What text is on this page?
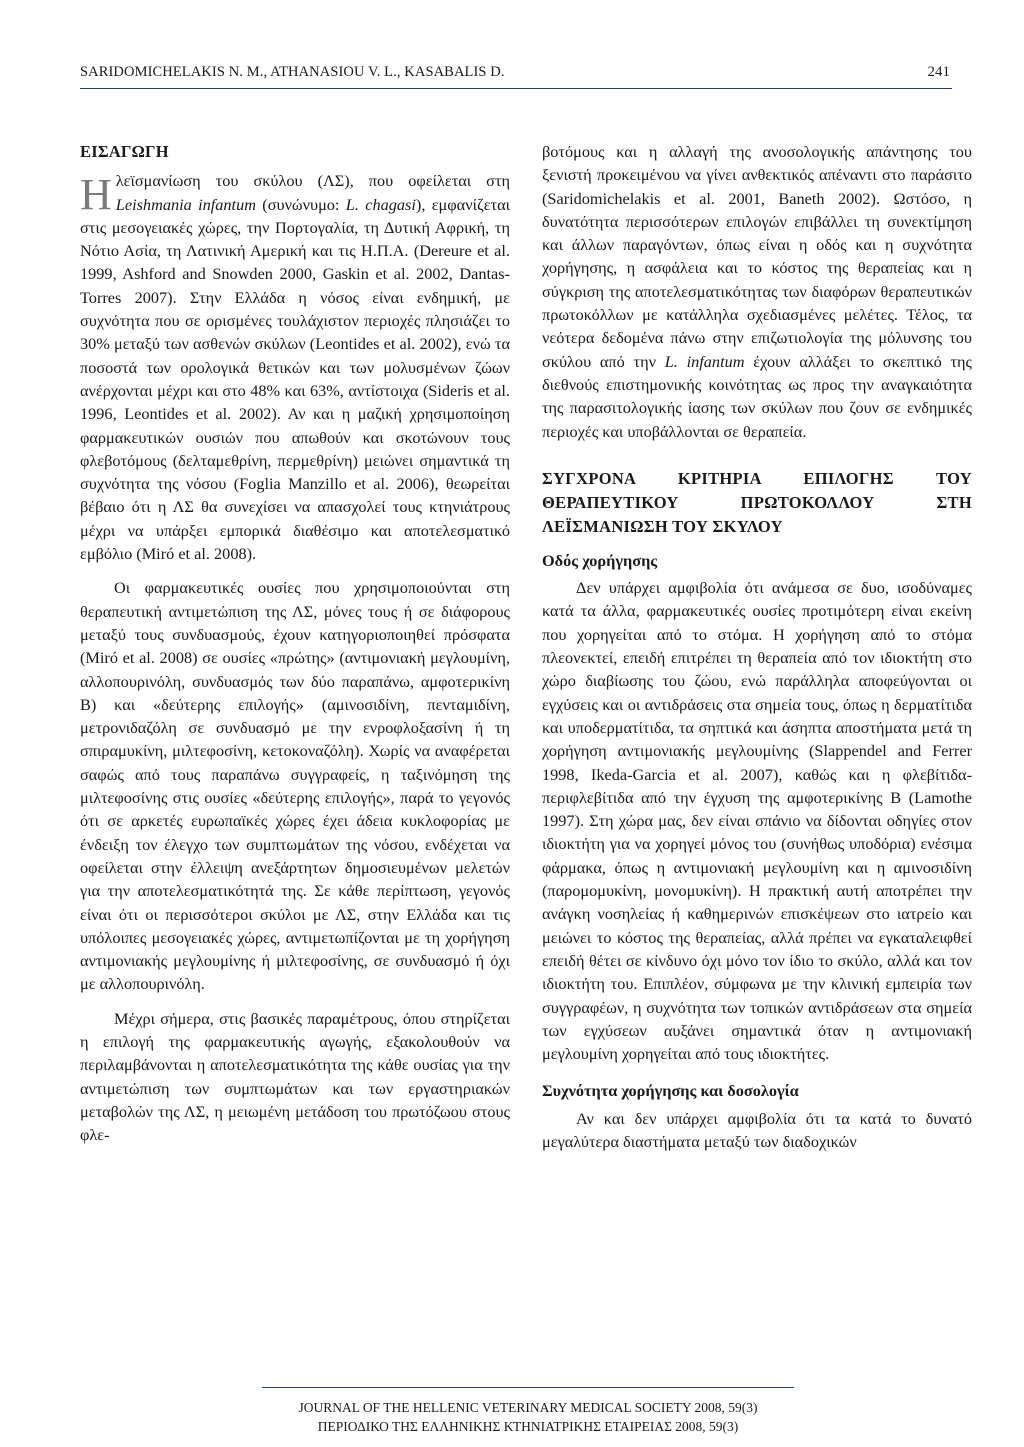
SARIDOMICHELAKIS N. M., ATHANASIOU V. L., KASABALIS D.	241
ΕΙΣΑΓΩΓΗ

Ηλεϊσμανίωση του σκύλου (ΛΣ), που οφείλεται στη Leishmania infantum (συνώνυμο: L. chagasi), εμφανίζεται στις μεσογειακές χώρες, την Πορτογαλία, τη Δυτική Αφρική, τη Νότιο Ασία, τη Λατινική Αμερική και τις Η.Π.Α. (Dereure et al. 1999, Ashford and Snowden 2000, Gaskin et al. 2002, Dantas-Torres 2007). Στην Ελλάδα η νόσος είναι ενδημική, με συχνότητα που σε ορισμένες τουλάχιστον περιοχές πλησιάζει το 30% μεταξύ των ασθενών σκύλων (Leontides et al. 2002), ενώ τα ποσοστά των ορολογικά θετικών και των μολυσμένων ζώων ανέρχονται μέχρι και στο 48% και 63%, αντίστοιχα (Sideris et al. 1996, Leontides et al. 2002). Αν και η μαζική χρησιμοποίηση φαρμακευτικών ουσιών που απωθούν και σκοτώνουν τους φλεβοτόμους (δελταμεθρίνη, περμεθρίνη) μειώνει σημαντικά τη συχνότητα της νόσου (Foglia Manzillo et al. 2006), θεωρείται βέβαιο ότι η ΛΣ θα συνεχίσει να απασχολεί τους κτηνιάτρους μέχρι να υπάρξει εμπορικά διαθέσιμο και αποτελεσματικό εμβόλιο (Miró et al. 2008).

Οι φαρμακευτικές ουσίες που χρησιμοποιούνται στη θεραπευτική αντιμετώπιση της ΛΣ, μόνες τους ή σε διάφορους μεταξύ τους συνδυασμούς, έχουν κατηγοριοποιηθεί πρόσφατα (Miró et al. 2008) σε ουσίες «πρώτης» (αντιμονιακή μεγλουμίνη, αλλοπουρινόλη, συνδυασμός των δύο παραπάνω, αμφοτερικίνη Β) και «δεύτερης επιλογής» (αμινοσιδίνη, πενταμιδίνη, μετρονιδαζόλη σε συνδυασμό με την ενροφλοξασίνη ή τη σπιραμυκίνη, μιλτεφοσίνη, κετοκοναζόλη). Χωρίς να αναφέρεται σαφώς από τους παραπάνω συγγραφείς, η ταξινόμηση της μιλτεφοσίνης στις ουσίες «δεύτερης επιλογής», παρά το γεγονός ότι σε αρκετές ευρωπαϊκές χώρες έχει άδεια κυκλοφορίας με ένδειξη τον έλεγχο των συμπτωμάτων της νόσου, ενδέχεται να οφείλεται στην έλλειψη ανεξάρτητων δημοσιευμένων μελετών για την αποτελεσματικότητά της. Σε κάθε περίπτωση, γεγονός είναι ότι οι περισσότεροι σκύλοι με ΛΣ, στην Ελλάδα και τις υπόλοιπες μεσογειακές χώρες, αντιμετωπίζονται με τη χορήγηση αντιμονιακής μεγλουμίνης ή μιλτεφοσίνης, σε συνδυασμό ή όχι με αλλοπουρινόλη.

Μέχρι σήμερα, στις βασικές παραμέτρους, όπου στηρίζεται η επιλογή της φαρμακευτικής αγωγής, εξακολουθούν να περιλαμβάνονται η αποτελεσματικότητα της κάθε ουσίας για την αντιμετώπιση των συμπτωμάτων και των εργαστηριακών μεταβολών της ΛΣ, η μειωμένη μετάδοση του πρωτόζωου στους φλε-

βοτόμους και η αλλαγή της ανοσολογικής απάντησης του ξενιστή προκειμένου να γίνει ανθεκτικός απέναντι στο παράσιτο (Saridomichelakis et al. 2001, Baneth 2002). Ωστόσο, η δυνατότητα περισσότερων επιλογών επιβάλλει τη συνεκτίμηση και άλλων παραγόντων, όπως είναι η οδός και η συχνότητα χορήγησης, η ασφάλεια και το κόστος της θεραπείας και η σύγκριση της αποτελεσματικότητας των διαφόρων θεραπευτικών πρωτοκόλλων με κατάλληλα σχεδιασμένες μελέτες. Τέλος, τα νεότερα δεδομένα πάνω στην επιζωτιολογία της μόλυνσης του σκύλου από την L. infantum έχουν αλλάξει το σκεπτικό της διεθνούς επιστημονικής κοινότητας ως προς την αναγκαιότητα της παρασιτολογικής ίασης των σκύλων που ζουν σε ενδημικές περιοχές και υποβάλλονται σε θεραπεία.

ΣΥΓΧΡΟΝΑ ΚΡΙΤΗΡΙΑ ΕΠΙΛΟΓΗΣ ΤΟΥ ΘΕΡΑΠΕΥΤΙΚΟΥ ΠΡΩΤΟΚΟΛΛΟΥ ΣΤΗ ΛΕΪΣΜΑΝΙΩΣΗ ΤΟΥ ΣΚΥΛΟΥ
Οδός χορήγησης

Δεν υπάρχει αμφιβολία ότι ανάμεσα σε δυο, ισοδύναμες κατά τα άλλα, φαρμακευτικές ουσίες προτιμότερη είναι εκείνη που χορηγείται από το στόμα. Η χορήγηση από το στόμα πλεονεκτεί, επειδή επιτρέπει τη θεραπεία από τον ιδιοκτήτη στο χώρο διαβίωσης του ζώου, ενώ παράλληλα αποφεύγονται οι εγχύσεις και οι αντιδράσεις στα σημεία τους, όπως η δερματίτιδα και υποδερματίτιδα, τα σηπτικά και άσηπτα αποστήματα μετά τη χορήγηση αντιμονιακής μεγλουμίνης (Slappendel and Ferrer 1998, Ikeda-Garcia et al. 2007), καθώς και η φλεβίτιδα-περιφλεβίτιδα από την έγχυση της αμφοτερικίνης Β (Lamothe 1997). Στη χώρα μας, δεν είναι σπάνιο να δίδονται οδηγίες στον ιδιοκτήτη για να χορηγεί μόνος του (συνήθως υποδόρια) ενέσιμα φάρμακα, όπως η αντιμονιακή μεγλουμίνη και η αμινοσιδίνη (παρομομυκίνη, μονομυκίνη). Η πρακτική αυτή αποτρέπει την ανάγκη νοσηλείας ή καθημερινών επισκέψεων στο ιατρείο και μειώνει το κόστος της θεραπείας, αλλά πρέπει να εγκαταλειφθεί επειδή θέτει σε κίνδυνο όχι μόνο τον ίδιο το σκύλο, αλλά και τον ιδιοκτήτη του. Επιπλέον, σύμφωνα με την κλινική εμπειρία των συγγραφέων, η συχνότητα των τοπικών αντιδράσεων στα σημεία των εγχύσεων αυξάνει σημαντικά όταν η αντιμονιακή μεγλουμίνη χορηγείται από τους ιδιοκτήτες.

Συχνότητα χορήγησης και δοσολογία

Αν και δεν υπάρχει αμφιβολία ότι τα κατά το δυνατό μεγαλύτερα διαστήματα μεταξύ των διαδοχικών

JOURNAL OF THE HELLENIC VETERINARY MEDICAL SOCIETY 2008, 59(3)
ΠΕΡΙΟΔΙΚΟ ΤΗΣ ΕΛΛΗΝΙΚΗΣ ΚΤΗΝΙΑΤΡΙΚΗΣ ΕΤΑΙΡΕΙΑΣ 2008, 59(3)
